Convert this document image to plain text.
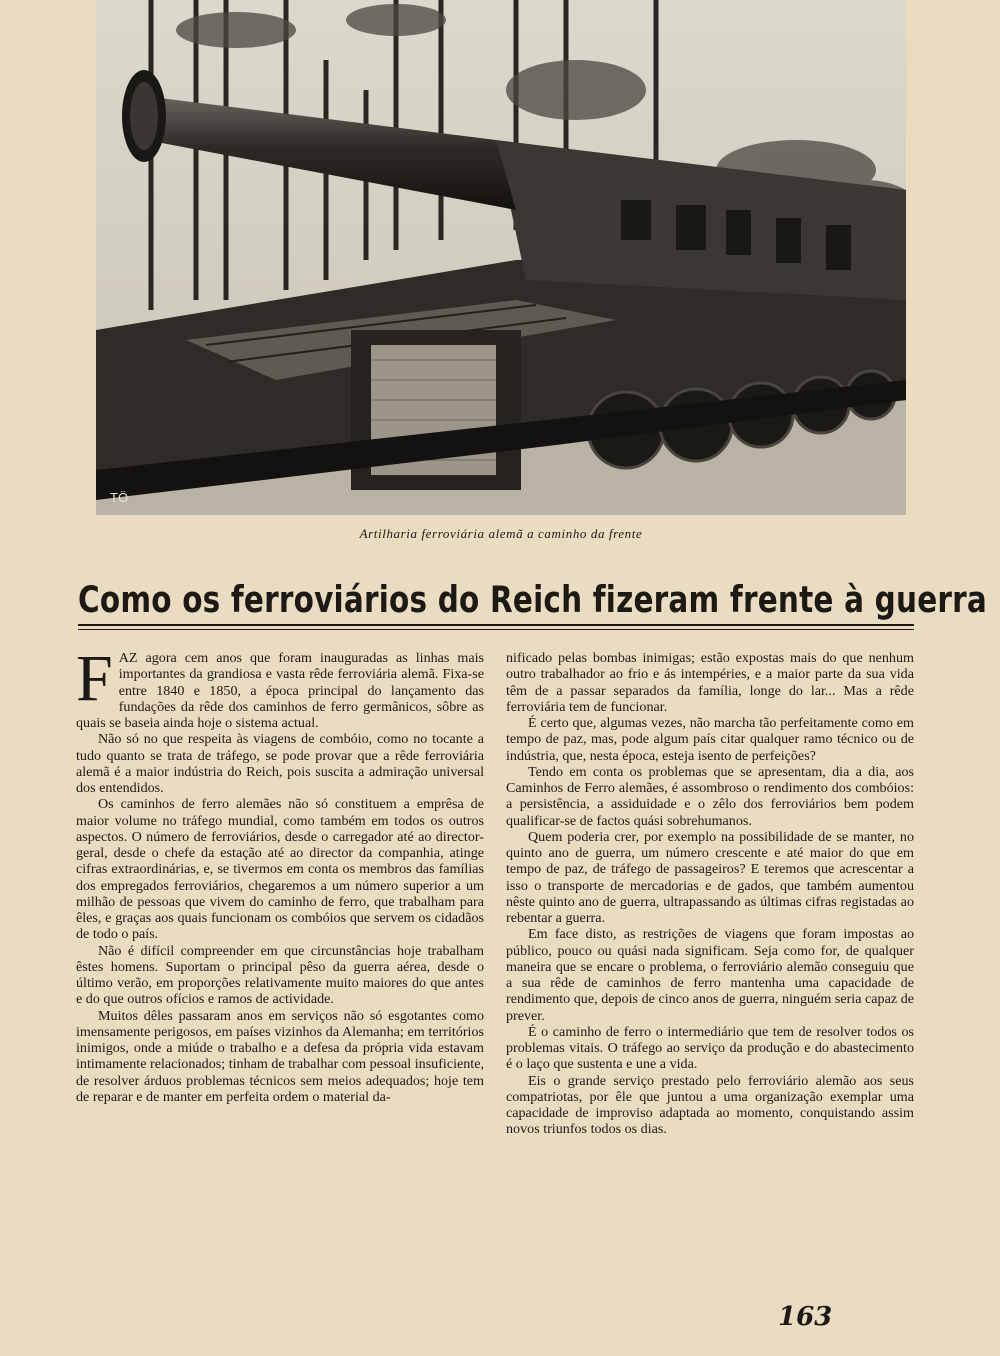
TÖ
Artilharia ferroviária alemã a caminho da frente
Como os ferroviários do Reich fizeram frente à guerra

FAZ agora cem anos que foram inauguradas as linhas mais importantes da grandiosa e vasta rêde ferroviária alemã. Fixa-se entre 1840 e 1850, a época principal do lançamento das fundações da rêde dos caminhos de ferro germânicos, sôbre as quais se baseia ainda hoje o sistema actual.

Não só no que respeita às viagens de combóio, como no tocante a tudo quanto se trata de tráfego, se pode provar que a rêde ferroviária alemã é a maior indústria do Reich, pois suscita a admiração universal dos entendidos.

Os caminhos de ferro alemães não só constituem a emprêsa de maior volume no tráfego mundial, como também em todos os outros aspectos. O número de ferroviários, desde o carregador até ao director-geral, desde o chefe da estação até ao director da companhia, atinge cifras extraordinárias, e, se tivermos em conta os membros das famílias dos empregados ferroviários, chegaremos a um número superior a um milhão de pessoas que vivem do caminho de ferro, que trabalham para êles, e graças aos quais funcionam os combóios que servem os cidadãos de todo o país.

Não é difícil compreender em que circunstâncias hoje trabalham êstes homens. Suportam o principal pêso da guerra aérea, desde o último verão, em proporções relativamente muito maiores do que antes e do que outros ofícios e ramos de actividade.

Muitos dêles passaram anos em serviços não só esgotantes como imensamente perigosos, em países vizinhos da Alemanha; em territórios inimigos, onde a miúde o trabalho e a defesa da própria vida estavam intimamente relacionados; tinham de trabalhar com pessoal insuficiente, de resolver árduos problemas técnicos sem meios adequados; hoje tem de reparar e de manter em perfeita ordem o material da-

nificado pelas bombas inimigas; estão expostas mais do que nenhum outro trabalhador ao frio e ás intempéries, e a maior parte da sua vida têm de a passar separados da família, longe do lar... Mas a rêde ferroviária tem de funcionar.

É certo que, algumas vezes, não marcha tão perfeitamente como em tempo de paz, mas, pode algum país citar qualquer ramo técnico ou de indústria, que, nesta época, esteja isento de perfeições?

Tendo em conta os problemas que se apresentam, dia a dia, aos Caminhos de Ferro alemães, é assombroso o rendimento dos combóios: a persistência, a assiduidade e o zêlo dos ferroviários bem podem qualificar-se de factos quási sobrehumanos.

Quem poderia crer, por exemplo na possibilidade de se manter, no quinto ano de guerra, um número crescente e até maior do que em tempo de paz, de tráfego de passageiros? E teremos que acrescentar a isso o transporte de mercadorias e de gados, que também aumentou nêste quinto ano de guerra, ultrapassando as últimas cifras registadas ao rebentar a guerra.

Em face disto, as restrições de viagens que foram impostas ao público, pouco ou quási nada significam. Seja como for, de qualquer maneira que se encare o problema, o ferroviário alemão conseguiu que a sua rêde de caminhos de ferro mantenha uma capacidade de rendimento que, depois de cinco anos de guerra, ninguém seria capaz de prever.

É o caminho de ferro o intermediário que tem de resolver todos os problemas vitais. O tráfego ao serviço da produção e do abastecimento é o laço que sustenta e une a vida.

Eis o grande serviço prestado pelo ferroviário alemão aos seus compatriotas, por êle que juntou a uma organização exemplar uma capacidade de improviso adaptada ao momento, conquistando assim novos triunfos todos os dias.

163
